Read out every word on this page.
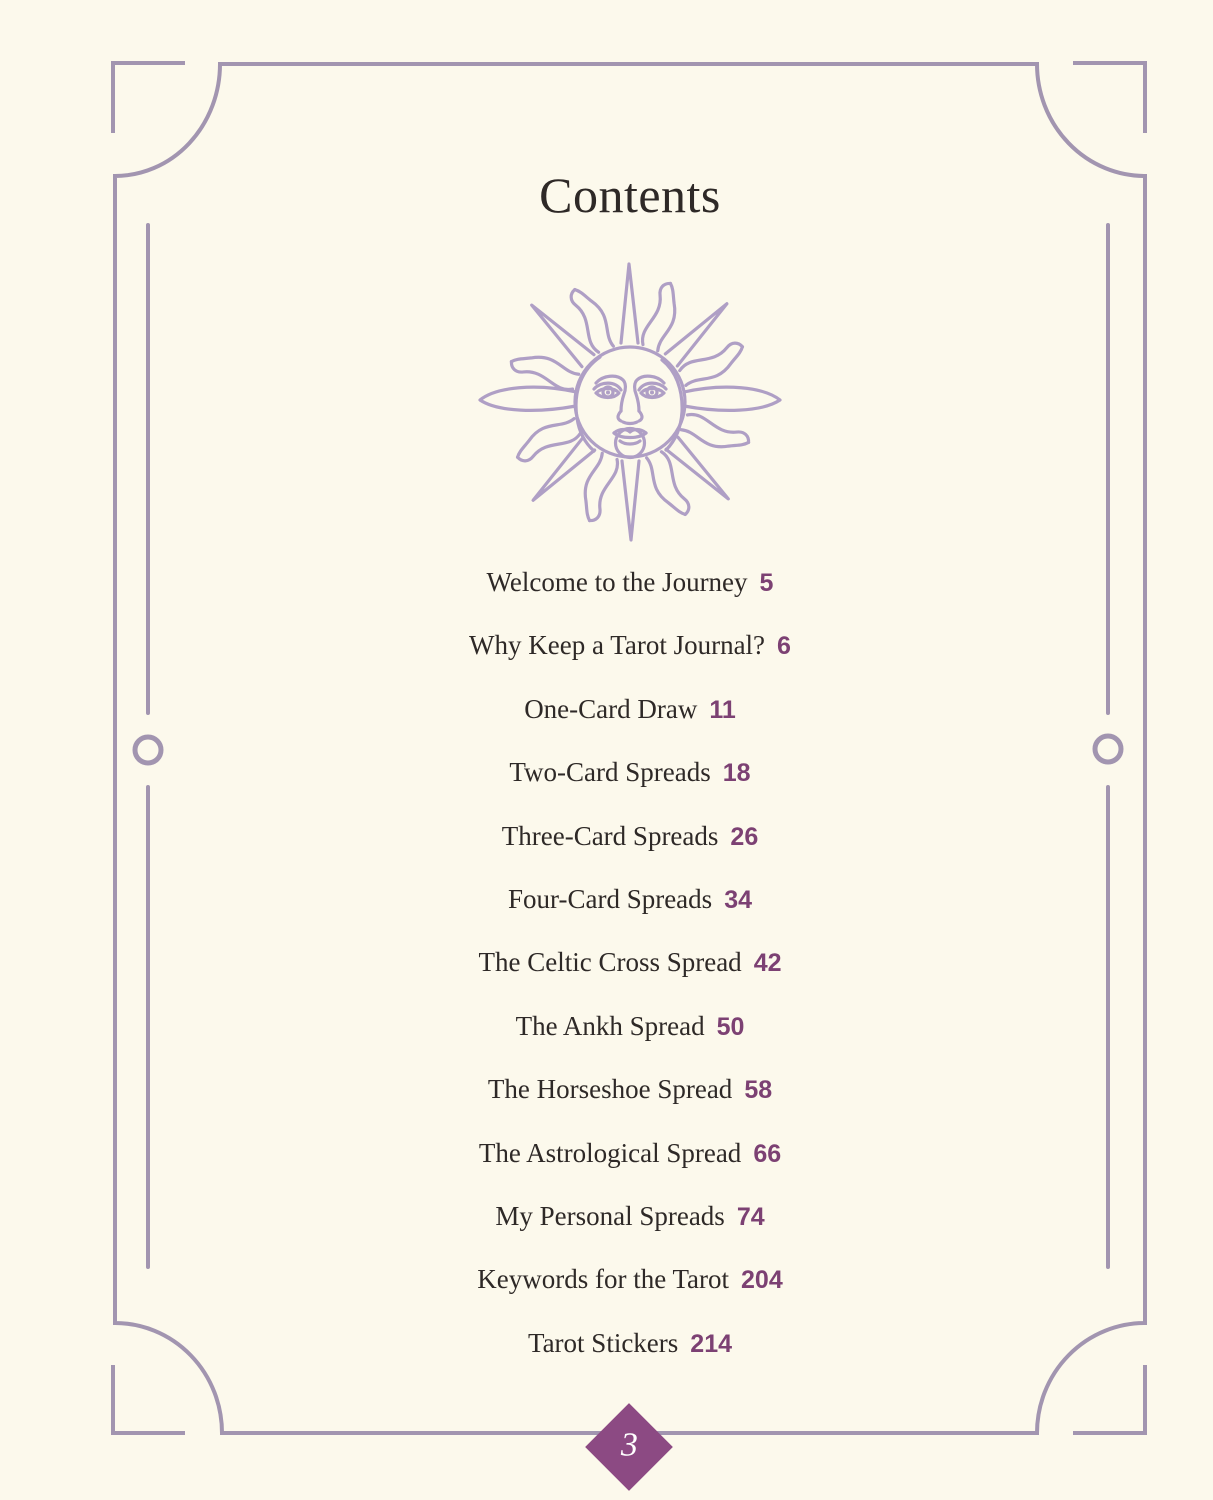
Contents
Welcome to the Journey 5
Why Keep a Tarot Journal? 6
One-Card Draw 11
Two-Card Spreads 18
Three-Card Spreads 26
Four-Card Spreads 34
The Celtic Cross Spread 42
The Ankh Spread 50
The Horseshoe Spread 58
The Astrological Spread 66
My Personal Spreads 74
Keywords for the Tarot 204
Tarot Stickers 214
3
